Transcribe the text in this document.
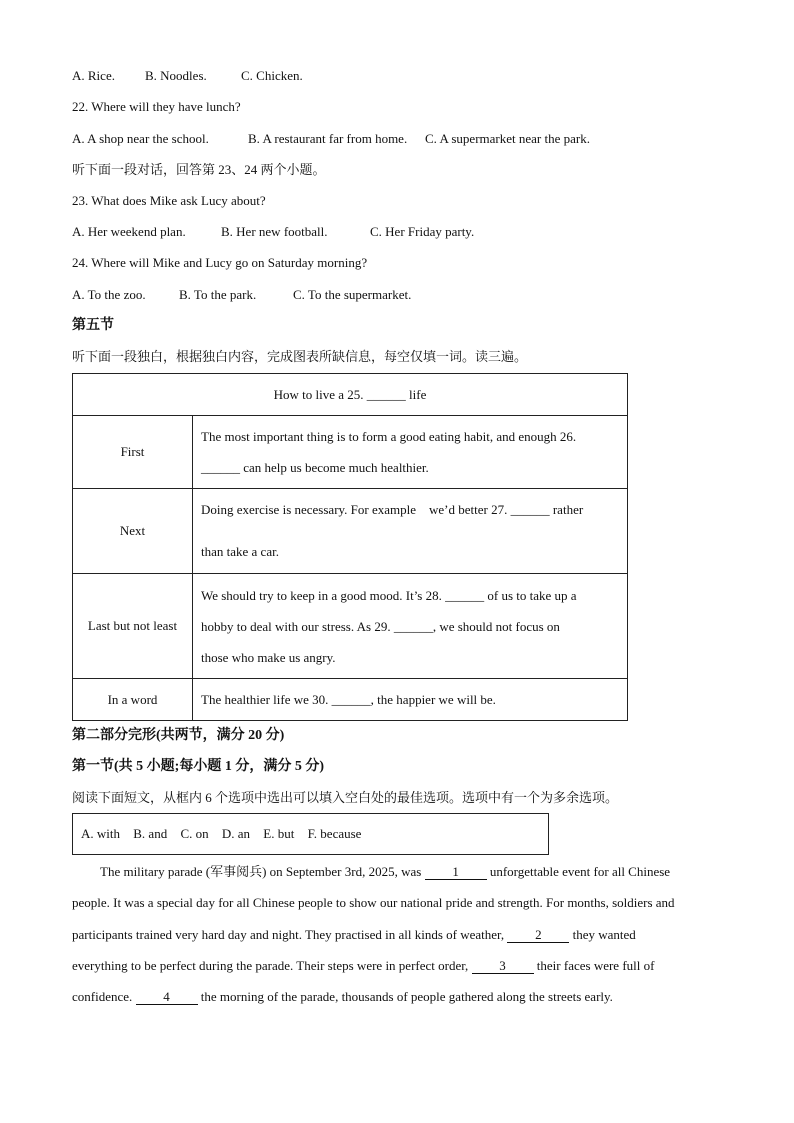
A. Rice. B. Noodles.	C. Chicken.
22. Where will they have lunch?
A. A shop near the school.	B. A restaurant far from home. C. A supermarket near the park.
听下面一段对话，回答第 23、24 两个小题。
23. What does Mike ask Lucy about?
A. Her weekend plan.	B. Her new football.	C. Her Friday party.
24. Where will Mike and Lucy go on Saturday morning?
A. To the zoo.	B. To the park.	C. To the supermarket.
第五节
听下面一段独白，根据独白内容，完成图表所缺信息，每空仅填一词。读三遍。
How to live a 25. ______ life	
First	The most important thing is to form a good eating habit, and enough 26.
______ can help us become much healthier.

Next	Doing exercise is necessary. For example    we’d better 27. ______ rather
than take a car.

Last but not least	We should try to keep in a good mood. It’s 28. ______ of us to take up a
hobby to deal with our stress. As 29. ______, we should not focus on
those who make us angry.

In a word	The healthier life we 30. ______, the happier we will be.
第二部分完形(共两节，满分 20 分)
第一节(共 5 小题;每小题 1 分，满分 5 分)
阅读下面短文，从框内 6 个选项中选出可以填入空白处的最佳选项。选项中有一个为多余选项。
A. with B. and C. on D. an E. but F. because
The military parade (军事阅兵) on September 3rd, 2025, was 1 unforgettable event for all Chinese
people. It was a special day for all Chinese people to show our national pride and strength. For months, soldiers and
participants trained very hard day and night. They practised in all kinds of weather, 2 they wanted
everything to be perfect during the parade. Their steps were in perfect order, 3 their faces were full of
confidence. 4 the morning of the parade, thousands of people gathered along the streets early.
